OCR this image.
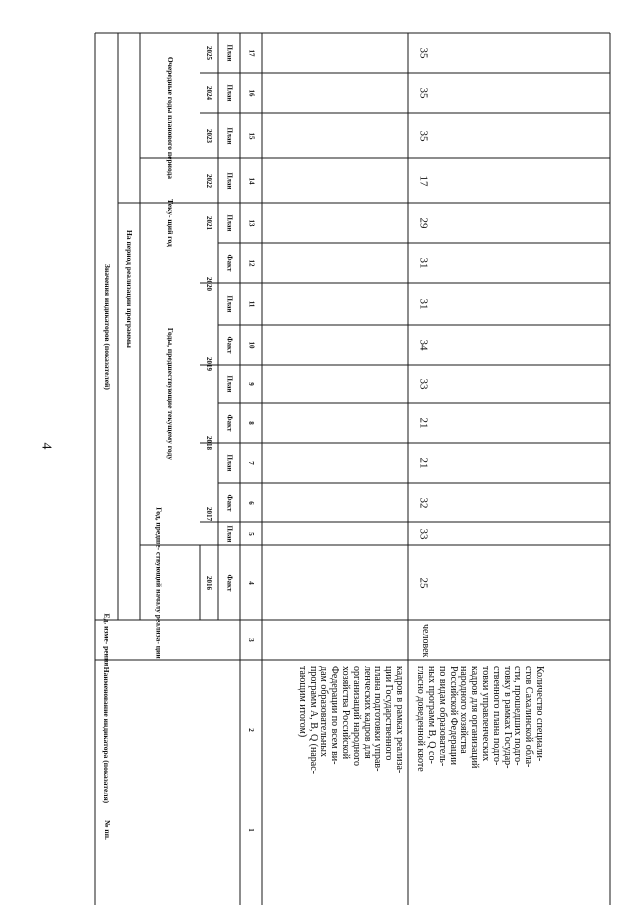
4
№ пп.
Наименование индикатора (показателя)
Ед. изме- рения
Значения индикаторов (показателей)
Год, предше- ствующий началу реализа- ции
На период реализации программы
Годы, предшествующие текущему году
Теку- щий год
Очередные годы планового периода
2016
2017
2018
2019
2020
2021
2022
2023
2024
2025
Факт
План
Факт
План
Факт
План
Факт
План
Факт
План
План
План
План
План
1
2
3
4
5
6
7
8
9
10
11
12
13
14
15
16
17

кадров в рамках реализа-

ции Государственного

плана подготовки управ-

ленческих кадров для

организаций народного

хозяйства Российской

Федерации по всем ви-

дам образовательных

программ A, B, Q (нарас-

тающим итогом)	Количество специали-

стов Сахалинской обла-

сти, прошедших подго-

товку в рамках Государ-

ственного плана подго-

товки управленческих

кадров для организаций

народного хозяйства

Российской Федерации

по видам образователь-

ных программ B, Q со-

гласно доведенной квоте

человек

25
33
32
21
21
33
34
31
31
29
17
35
35
35
